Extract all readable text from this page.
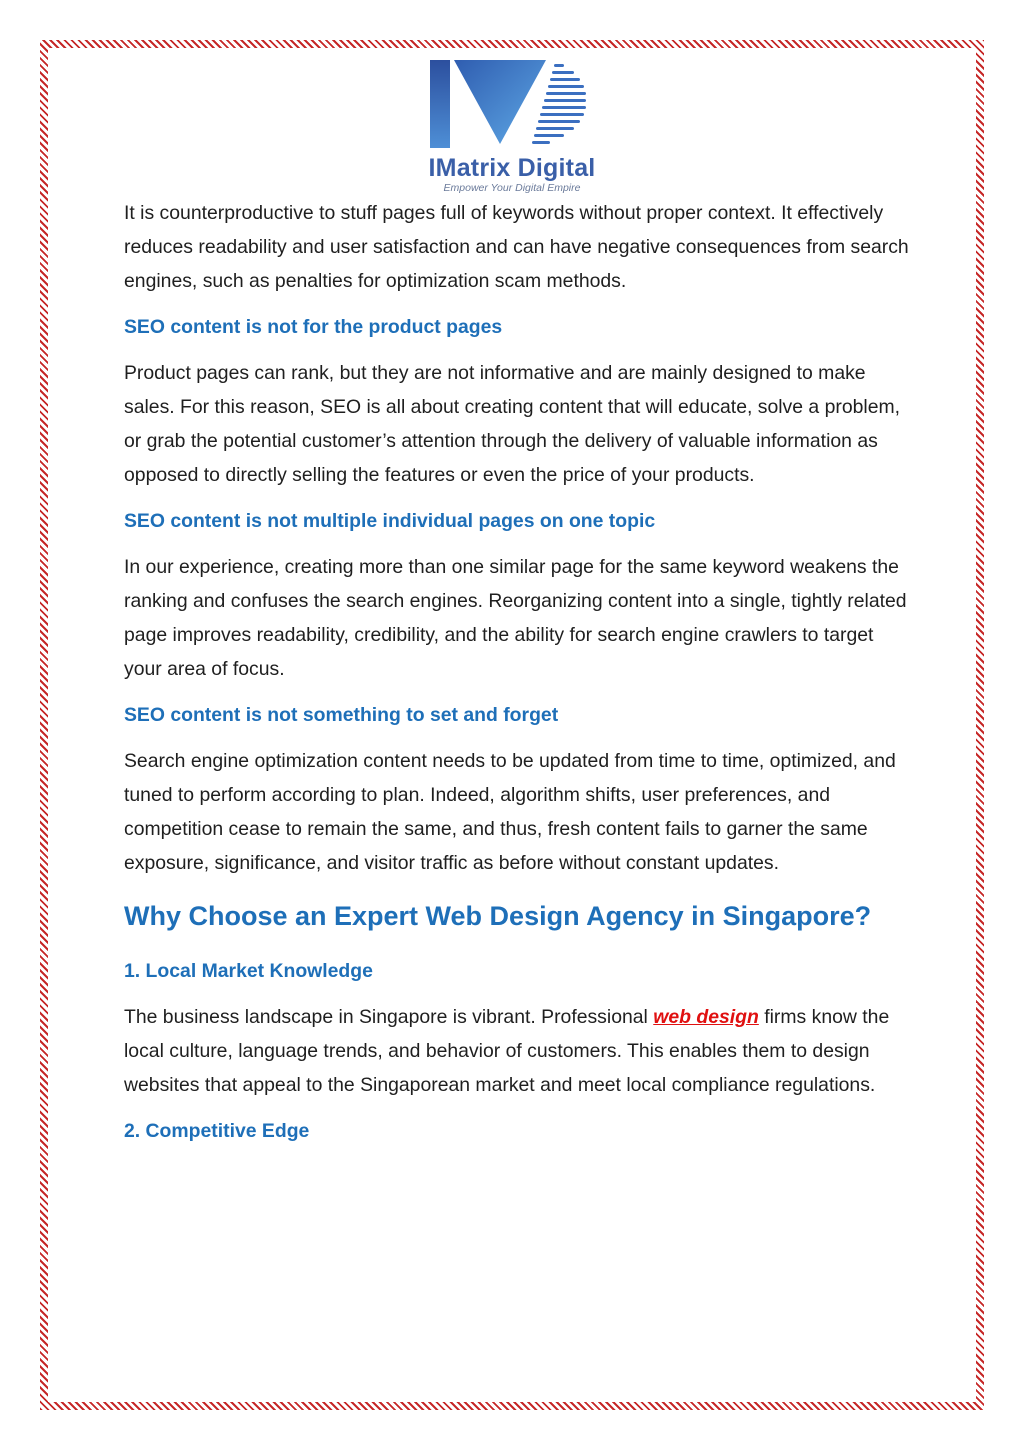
IMatrix Digital
Empower Your Digital Empire

It is counterproductive to stuff pages full of keywords without proper context. It effectively reduces readability and user satisfaction and can have negative consequences from search engines, such as penalties for optimization scam methods.

SEO content is not for the product pages

Product pages can rank, but they are not informative and are mainly designed to make sales. For this reason, SEO is all about creating content that will educate, solve a problem, or grab the potential customer’s attention through the delivery of valuable information as opposed to directly selling the features or even the price of your products.

SEO content is not multiple individual pages on one topic

In our experience, creating more than one similar page for the same keyword weakens the ranking and confuses the search engines. Reorganizing content into a single, tightly related page improves readability, credibility, and the ability for search engine crawlers to target your area of focus.

SEO content is not something to set and forget

Search engine optimization content needs to be updated from time to time, optimized, and tuned to perform according to plan. Indeed, algorithm shifts, user preferences, and competition cease to remain the same, and thus, fresh content fails to garner the same exposure, significance, and visitor traffic as before without constant updates.

Why Choose an Expert Web Design Agency in Singapore?
1. Local Market Knowledge

The business landscape in Singapore is vibrant. Professional web design firms know the local culture, language trends, and behavior of customers. This enables them to design websites that appeal to the Singaporean market and meet local compliance regulations.

2. Competitive Edge
